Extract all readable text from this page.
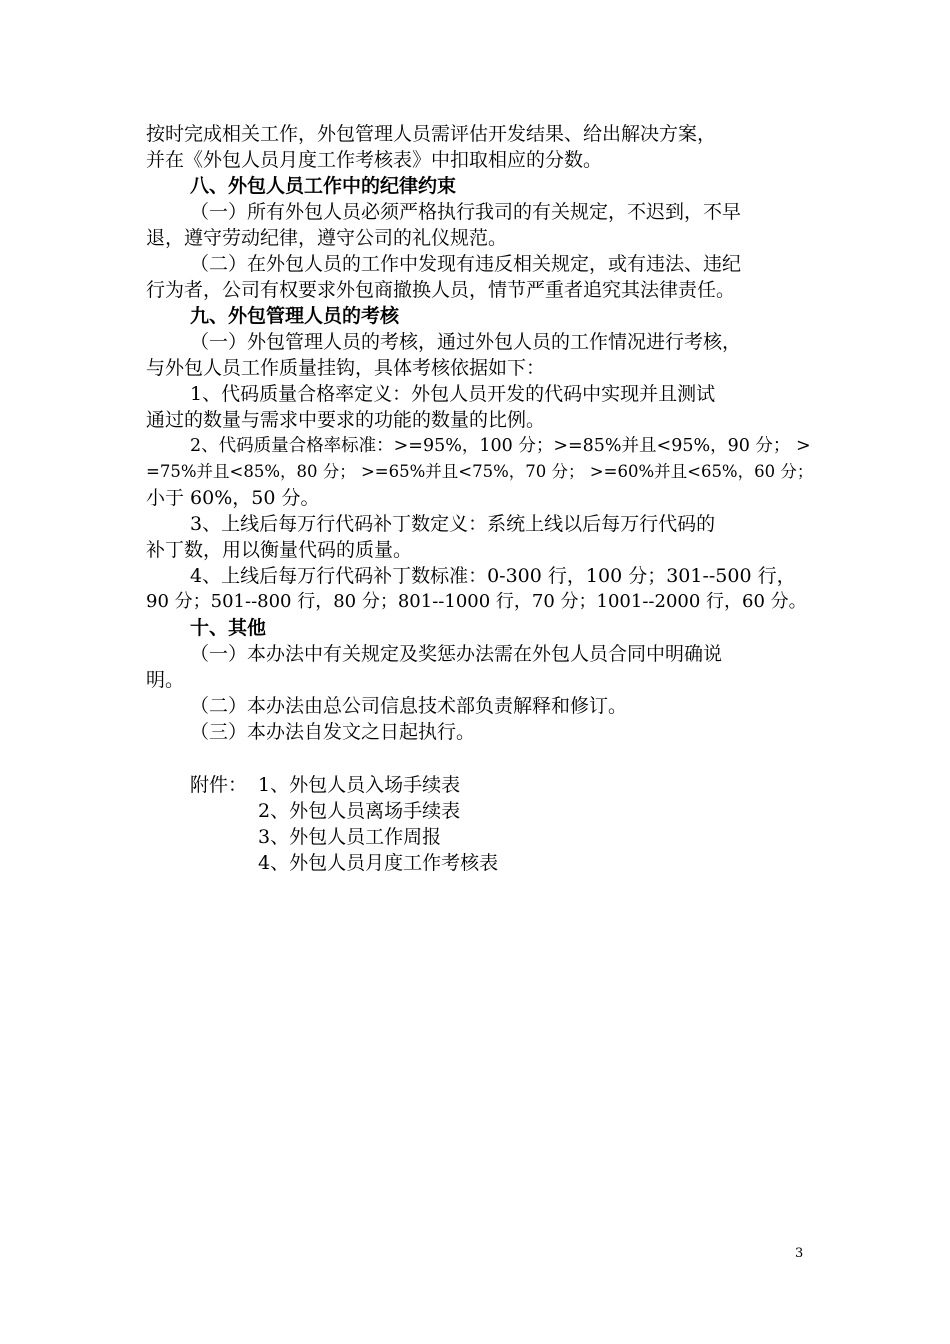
按时完成相关工作，外包管理人员需评估开发结果、给出解决方案，
并在《外包人员月度工作考核表》中扣取相应的分数。
八、外包人员工作中的纪律约束
（一）所有外包人员必须严格执行我司的有关规定，不迟到，不早
退，遵守劳动纪律，遵守公司的礼仪规范。
（二）在外包人员的工作中发现有违反相关规定，或有违法、违纪
行为者，公司有权要求外包商撤换人员，情节严重者追究其法律责任。
九、外包管理人员的考核
（一）外包管理人员的考核，通过外包人员的工作情况进行考核，
与外包人员工作质量挂钩，具体考核依据如下：
1、代码质量合格率定义：外包人员开发的代码中实现并且测试
通过的数量与需求中要求的功能的数量的比例。
2、代码质量合格率标准：>=95%，100 分；>=85%并且<95%，90 分； >
=75%并且<85%，80 分； >=65%并且<75%，70 分； >=60%并且<65%，60 分；
小于 60%，50 分。
3、上线后每万行代码补丁数定义：系统上线以后每万行代码的
补丁数，用以衡量代码的质量。
4、上线后每万行代码补丁数标准：0-300 行，100 分；301--500 行，
90 分；501--800 行，80 分；801--1000 行，70 分；1001--2000 行，60 分。
十、其他
（一）本办法中有关规定及奖惩办法需在外包人员合同中明确说
明。
（二）本办法由总公司信息技术部负责解释和修订。
（三）本办法自发文之日起执行。
附件： 1、外包人员入场手续表
2、外包人员离场手续表
3、外包人员工作周报
4、外包人员月度工作考核表
3
